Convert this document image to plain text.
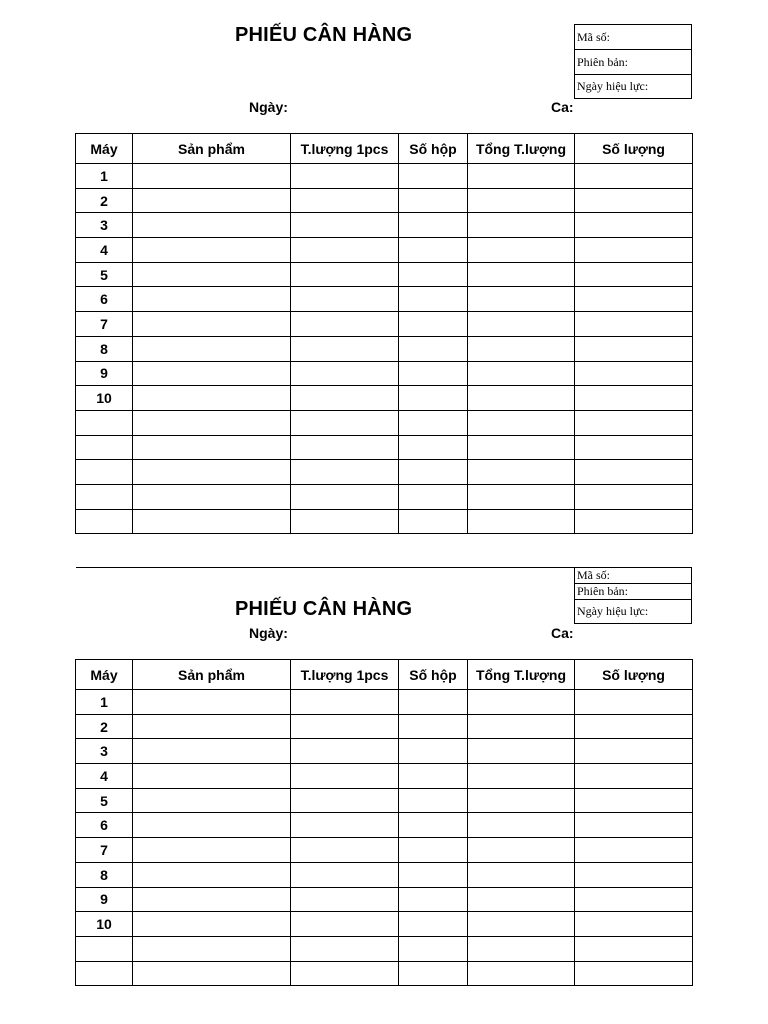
PHIẾU CÂN HÀNG	Mã số:
Phiên bản:
Ngày hiệu lực:
Ngày:	Ca:
Máy	Sản phẩm	T.lượng 1pcs	Số hộp	Tổng T.lượng	Số lượng
1					
2					
3					
4					
5					
6					
7					
8					
9					
10					

Mã số:
Phiên bản:
Ngày hiệu lực:
PHIẾU CÂN HÀNG
Ngày:	Ca:
Máy	Sản phẩm	T.lượng 1pcs	Số hộp	Tổng T.lượng	Số lượng
1					
2					
3					
4					
5					
6					
7					
8					
9					
10					
